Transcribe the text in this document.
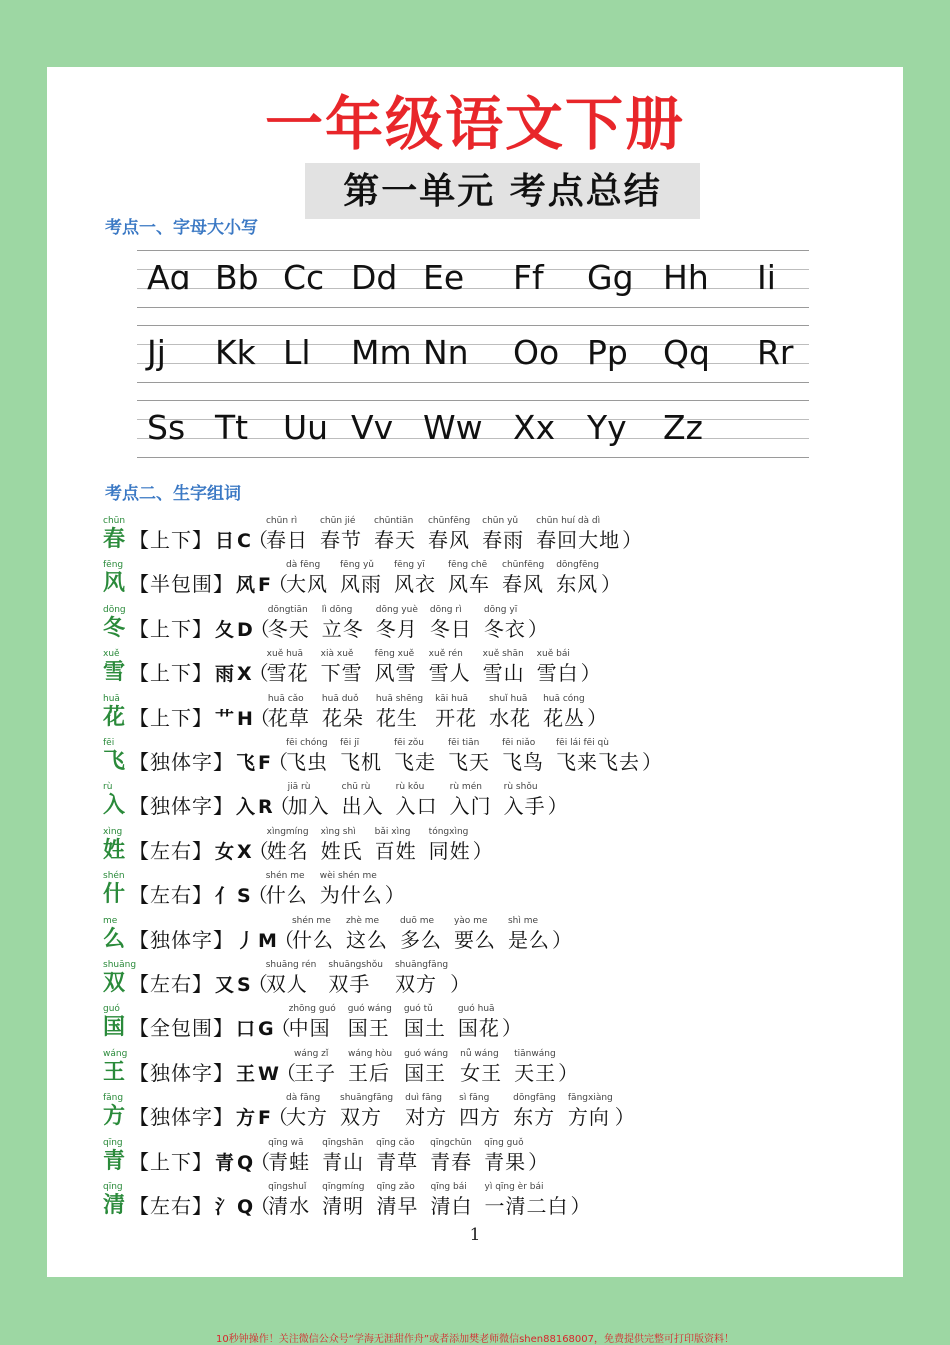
一年级语文下册
第一单元 考点总结
考点一、字母大小写
Aɑ Bb Cc Dd Ee Ff Gg Hh Ii
Jj Kk Ll Mm Nn Oo Pp Qq Rr
Ss Tt Uu Vv Ww Xx Yy Zz
考点二、生字组词
chūn
春 【上下】 日 C
（
chūn rì
春日
chūn jié
春节
chūntiān
春天
chūnfēng
春风
chūn yǔ
春雨
chūn huí dà dì
春回大地 ）
fēng
风 【半包围】 风 F
（
dà fēng
大风
fēng yǔ
风雨
fēng yī
风衣
fēng chē
风车
chūnfēng
春风
dōngfēng
东风 ）
dōng
冬 【上下】 夂 D
（
dōngtiān
冬天
lì dōng
立冬
dōng yuè
冬月
dōng rì
冬日
dōng yī
冬衣 ）
xuě
雪 【上下】 雨 X
（
xuě huā
雪花
xià xuě
下雪
fēng xuě
风雪
xuě rén
雪人
xuě shān
雪山
xuě bái
雪白 ）
huā
花 【上下】 艹 H
（
huā cǎo
花草
huā duǒ
花朵
huā shēng
花生
kāi huā
开花
shuǐ huā
水花
huā cóng
花丛 ）
fēi
飞 【独体字】 飞 F
（
fēi chóng
飞虫
fēi jī
飞机
fēi zǒu
飞走
fēi tiān
飞天
fēi niǎo
飞鸟
fēi lái fēi qù
飞来飞去 ）
rù
入 【独体字】 入 R
（
jiā rù
加入
chū rù
出入
rù kǒu
入口
rù mén
入门
rù shǒu
入手 ）
xìng
姓 【左右】 女 X
（
xìngmíng
姓名
xìng shì
姓氏
bǎi xìng
百姓
tóngxìng
同姓 ）
shén
什 【左右】 亻 S
（
shén me
什么
wèi shén me
为什么 ）
me
么 【独体字】 丿 M
（
shén me
什么
zhè me
这么
duō me
多么
yào me
要么
shì me
是么 ）
shuāng
双 【左右】 又 S
（
shuāng rén
双人
shuāngshǒu
双手
shuāngfāng
双方 ）
guó
国 【全包围】 口 G
（
zhōng guó
中国
guó wáng
国王
guó tǔ
国土
guó huā
国花 ）
wáng
王 【独体字】 王 W
（
wáng zǐ
王子
wáng hòu
王后
guó wáng
国王
nǚ wáng
女王
tiānwáng
天王 ）
fāng
方 【独体字】 方 F
（
dà fāng
大方
shuāngfāng
双方
duì fāng
对方
sì fāng
四方
dōngfāng
东方
fāngxiàng
方向 ）
qīng
青 【上下】 青 Q
（
qīng wā
青蛙
qīngshān
青山
qīng cǎo
青草
qīngchūn
青春
qīng guǒ
青果 ）
qīng
清 【左右】 氵 Q
（
qīngshuǐ
清水
qīngmíng
清明
qīng zǎo
清早
qīng bái
清白
yì qīng èr bái
一清二白 ）
1
10秒钟操作！关注微信公众号“学海无涯甜作舟”或者添加樊老师微信shen88168007，免费提供完整可打印版资料！
